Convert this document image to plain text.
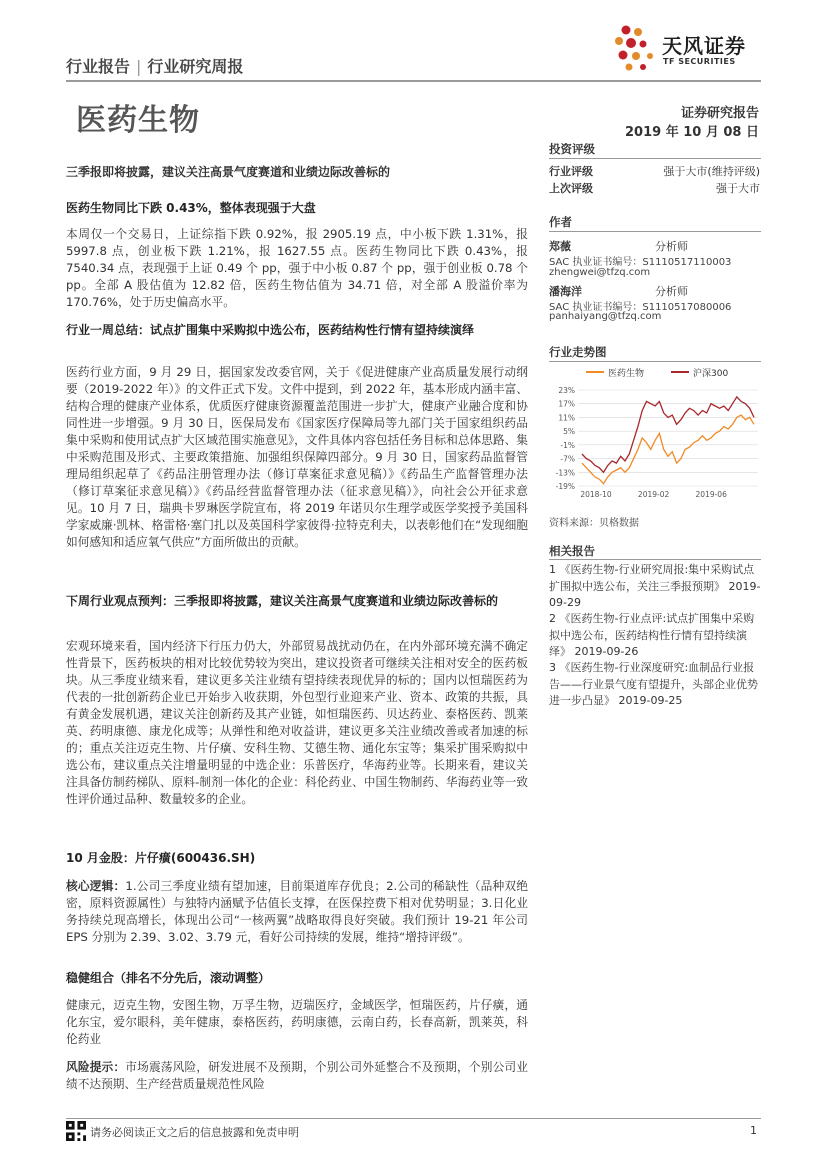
行业报告 | 行业研究周报
天风证券
TF SECURITIES
医药生物	证券研究报告
2019 年 10 月 08 日
三季报即将披露，建议关注高景气度赛道和业绩边际改善标的
医药生物同比下跌 0.43%，整体表现强于大盘
本周仅一个交易日，上证综指下跌 0.92%，报 2905.19 点，中小板下跌 1.31%，报 5997.8 点，创业板下跌 1.21%，报 1627.55 点。医药生物同比下跌 0.43%，报 7540.34 点，表现强于上证 0.49 个 pp，强于中小板 0.87 个 pp，强于创业板 0.78 个 pp。全部 A 股估值为 12.82 倍，医药生物估值为 34.71 倍，对全部 A 股溢价率为 170.76%，处于历史偏高水平。
行业一周总结：试点扩围集中采购拟中选公布，医药结构性行情有望持续演绎
医药行业方面，9 月 29 日，据国家发改委官网，关于《促进健康产业高质量发展行动纲要（2019-2022 年）》的文件正式下发。文件中提到，到 2022 年，基本形成内涵丰富、结构合理的健康产业体系，优质医疗健康资源覆盖范围进一步扩大，健康产业融合度和协同性进一步增强。9 月 30 日，医保局发布《国家医疗保障局等九部门关于国家组织药品集中采购和使用试点扩大区域范围实施意见》，文件具体内容包括任务目标和总体思路、集中采购范围及形式、主要政策措施、加强组织保障四部分。9 月 30 日，国家药品监督管理局组织起草了《药品注册管理办法（修订草案征求意见稿）》《药品生产监督管理办法（修订草案征求意见稿）》《药品经营监督管理办法（征求意见稿）》，向社会公开征求意见。10 月 7 日，瑞典卡罗琳医学院宣布，将 2019 年诺贝尔生理学或医学奖授予美国科学家威廉·凯林、格雷格·塞门扎以及英国科学家彼得·拉特克利夫，以表彰他们在“发现细胞如何感知和适应氧气供应”方面所做出的贡献。
下周行业观点预判：三季报即将披露，建议关注高景气度赛道和业绩边际改善标的
宏观环境来看，国内经济下行压力仍大，外部贸易战扰动仍在，在内外部环境充满不确定性背景下，医药板块的相对比较优势较为突出，建议投资者可继续关注相对安全的医药板块。从三季度业绩来看，建议更多关注业绩有望持续表现优异的标的；国内以恒瑞医药为代表的一批创新药企业已开始步入收获期，外包型行业迎来产业、资本、政策的共振，具有黄金发展机遇，建议关注创新药及其产业链，如恒瑞医药、贝达药业、泰格医药、凯莱英、药明康德、康龙化成等；从弹性和绝对收益讲，建议更多关注业绩改善或者加速的标的；重点关注迈克生物、片仔癀、安科生物、艾德生物、通化东宝等；集采扩围采购拟中选公布，建议重点关注增量明显的中选企业：乐普医疗，华海药业等。长期来看，建议关注具备仿制药梯队、原料-制剂一体化的企业：科伦药业、中国生物制药、华海药业等一致性评价通过品种、数量较多的企业。
10 月金股：片仔癀(600436.SH)
核心逻辑：1.公司三季度业绩有望加速，目前渠道库存优良；2.公司的稀缺性（品种双绝密，原料资源属性）与独特内涵赋予估值长支撑，在医保控费下相对优势明显；3.日化业务持续兑现高增长，体现出公司“一核两翼”战略取得良好突破。我们预计 19-21 年公司 EPS 分别为 2.39、3.02、3.79 元，看好公司持续的发展，维持“增持评级”。
稳健组合（排名不分先后，滚动调整）
健康元，迈克生物，安图生物，万孚生物，迈瑞医疗，金域医学，恒瑞医药，片仔癀，通化东宝，爱尔眼科，美年健康，泰格医药，药明康德，云南白药，长春高新，凯莱英，科伦药业
风险提示：市场震荡风险，研发进展不及预期，个别公司外延整合不及预期，个别公司业绩不达预期、生产经营质量规范性风险
投资评级
行业评级	强于大市(维持评级)
上次评级	强于大市
作者
郑薇	分析师
SAC 执业证书编号：S1110517110003
zhengwei@tfzq.com
潘海洋	分析师
SAC 执业证书编号：S1110517080006
panhaiyang@tfzq.com
行业走势图
医药生物	沪深300
23%
17%
11%
5%
-1%
-7%
-13%
-19%
2018-10	2019-02	2019-06
资料来源：贝格数据
相关报告
1 《医药生物-行业研究周报:集中采购试点扩围拟中选公布，关注三季报预期》 2019-09-29
2 《医药生物-行业点评:试点扩围集中采购拟中选公布，医药结构性行情有望持续演绎》 2019-09-26
3 《医药生物-行业深度研究:血制品行业报告——行业景气度有望提升，头部企业优势进一步凸显》 2019-09-25
请务必阅读正文之后的信息披露和免责申明	1
